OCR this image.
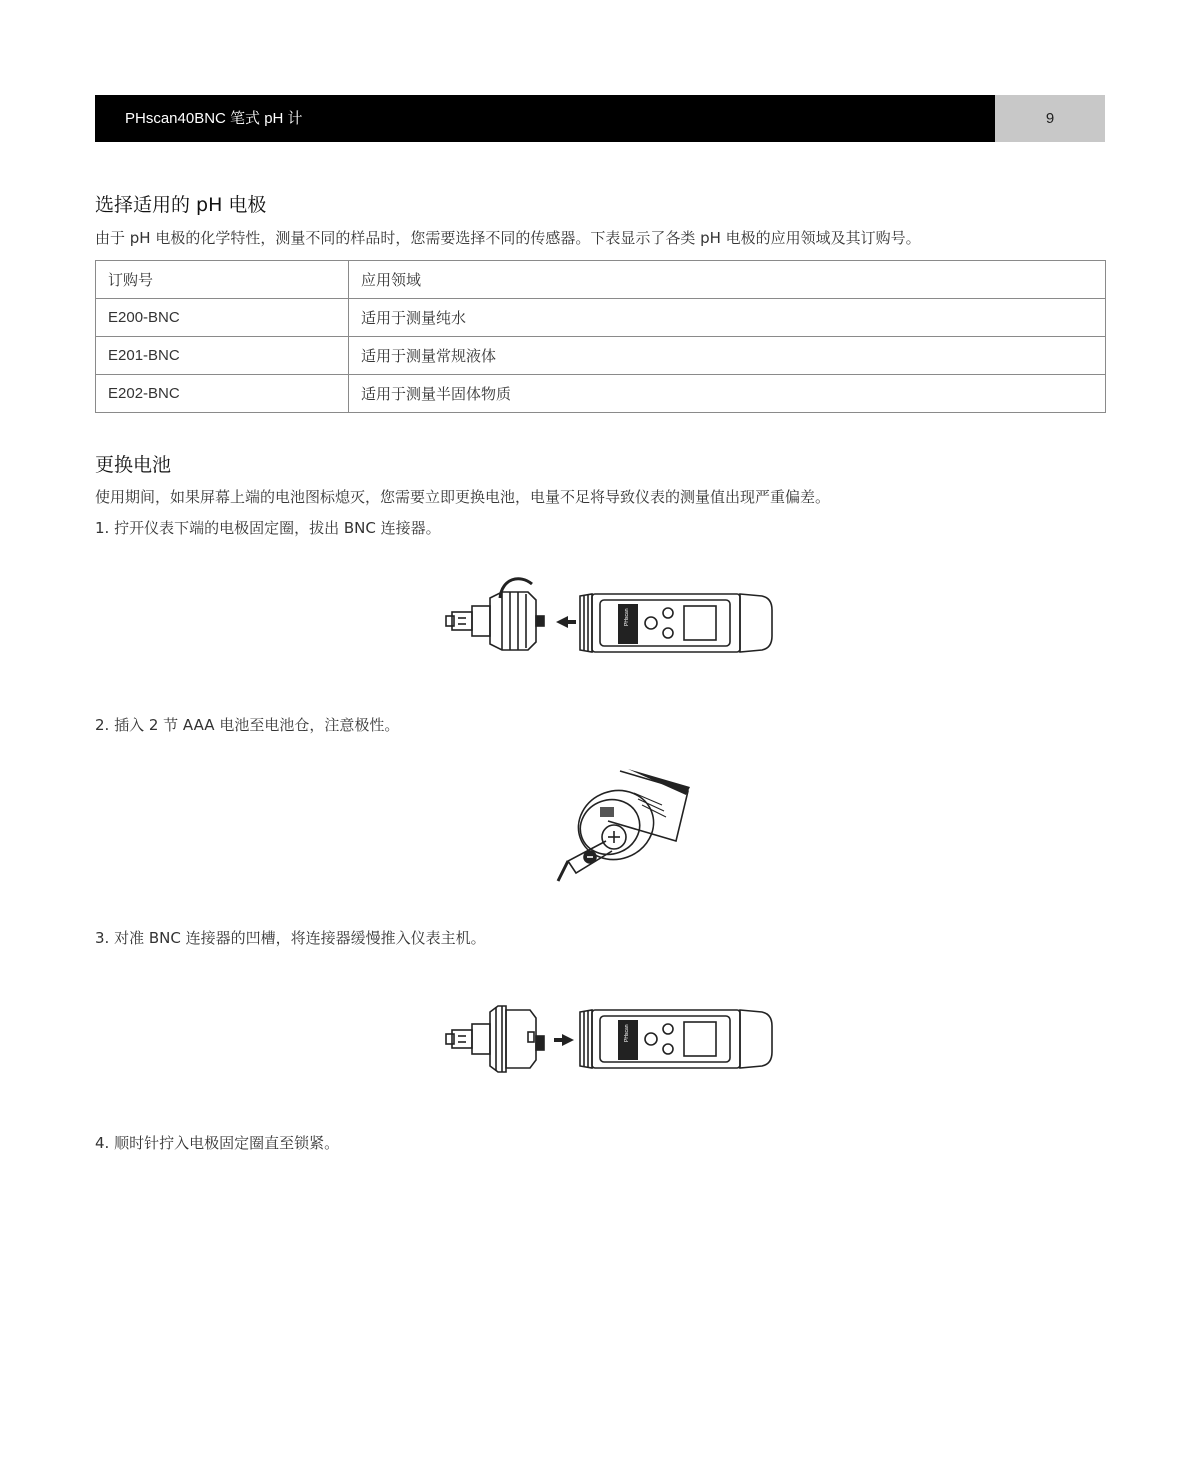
PHscan40BNC 笔式 pH 计	9
选择适用的 pH 电极

由于 pH 电极的化学特性，测量不同的样品时，您需要选择不同的传感器。下表显示了各类 pH 电极的应用领域及其订购号。

订购号	应用领域
E200-BNC	适用于测量纯水
E201-BNC	适用于测量常规液体
E202-BNC	适用于测量半固体物质
更换电池

使用期间，如果屏幕上端的电池图标熄灭，您需要立即更换电池，电量不足将导致仪表的测量值出现严重偏差。

1. 拧开仪表下端的电极固定圈，拔出 BNC 连接器。

PHscan

2. 插入 2 节 AAA 电池至电池仓，注意极性。

PHscan

3. 对准 BNC 连接器的凹槽，将连接器缓慢推入仪表主机。

PHscan

4. 顺时针拧入电极固定圈直至锁紧。
